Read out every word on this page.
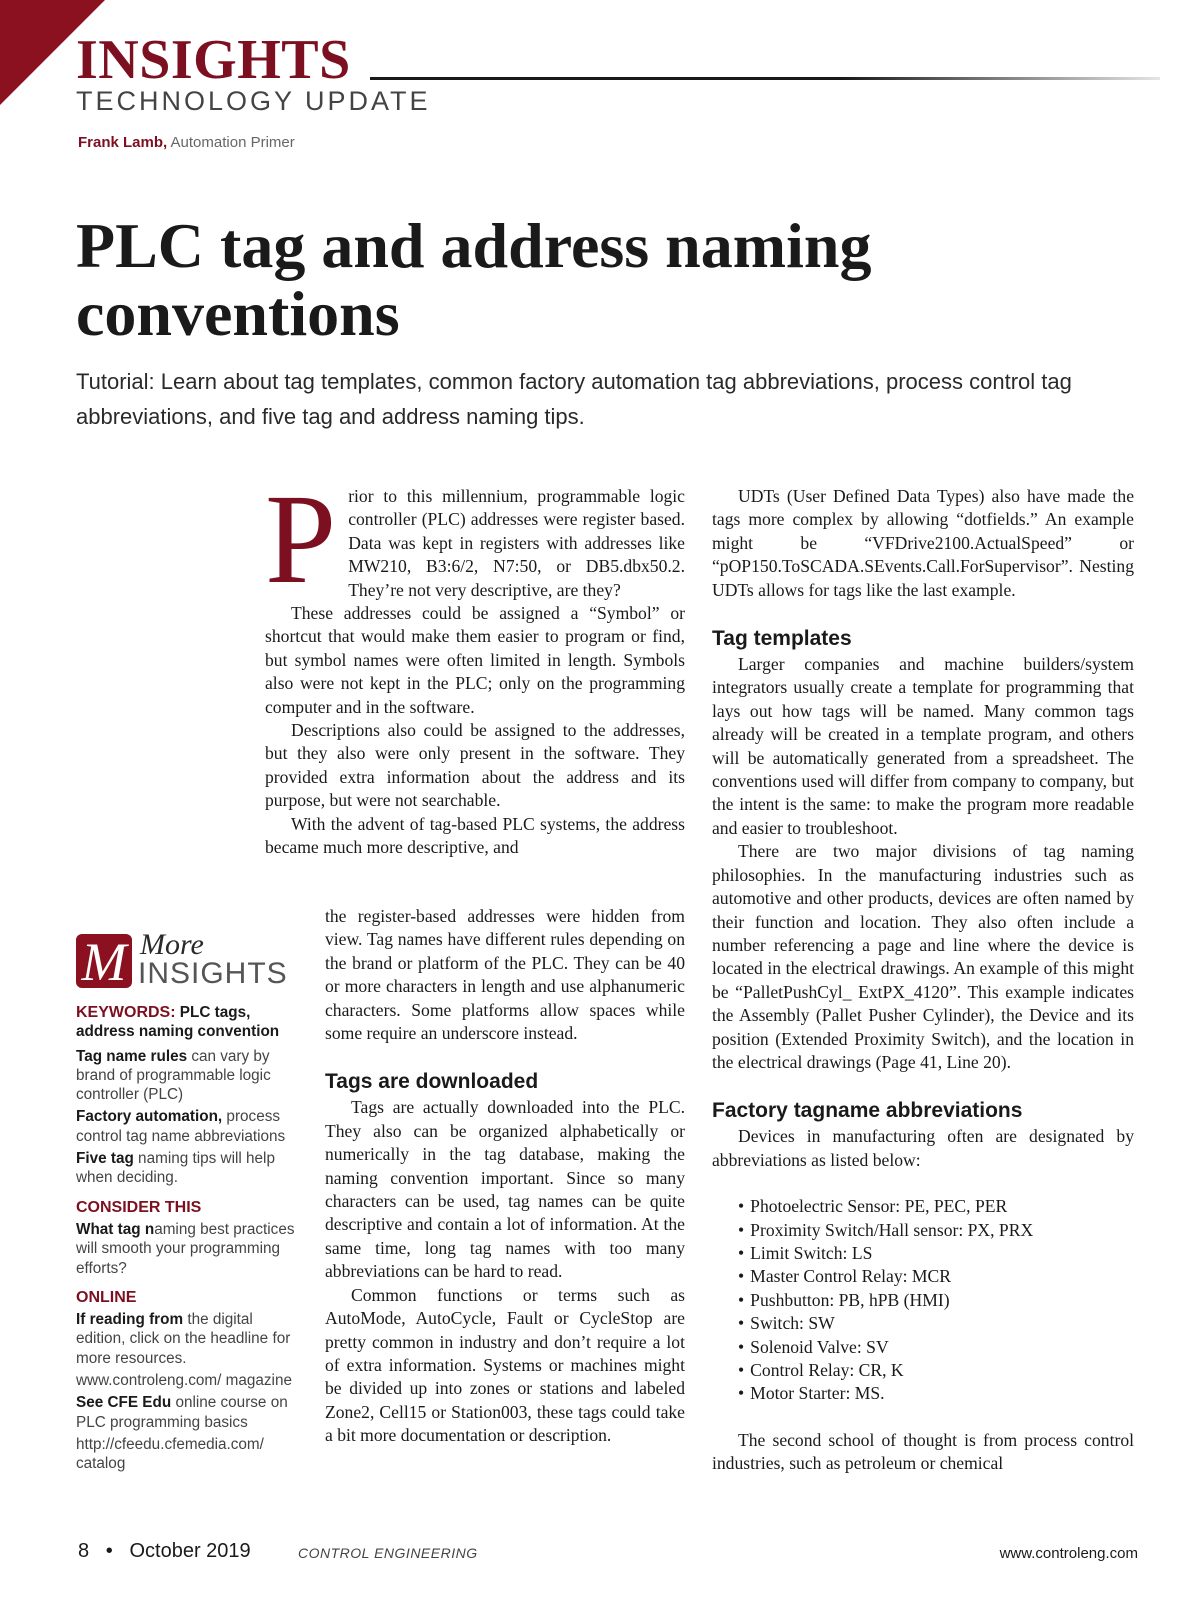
INSIGHTS
TECHNOLOGY UPDATE
Frank Lamb, Automation Primer
PLC tag and address naming conventions

Tutorial: Learn about tag templates, common factory automation tag abbreviations, process control tag abbreviations, and five tag and address naming tips.

Prior to this millennium, programmable logic controller (PLC) addresses were register based. Data was kept in registers with addresses like MW210, B3:6/2, N7:50, or DB5.dbx50.2. They’re not very descriptive, are they?

These addresses could be assigned a “Symbol” or shortcut that would make them easier to program or find, but symbol names were often limited in length. Symbols also were not kept in the PLC; only on the programming computer and in the software.

Descriptions also could be assigned to the addresses, but they also were only present in the software. They provided extra information about the address and its purpose, but were not searchable.

With the advent of tag-based PLC systems, the address became much more descriptive, and

the register-based addresses were hidden from view. Tag names have different rules depending on the brand or platform of the PLC. They can be 40 or more characters in length and use alphanumeric characters. Some platforms allow spaces while some require an underscore instead.

Tags are downloaded

Tags are actually downloaded into the PLC. They also can be organized alphabetically or numerically in the tag database, making the naming convention important. Since so many characters can be used, tag names can be quite descriptive and contain a lot of information. At the same time, long tag names with too many abbreviations can be hard to read.

Common functions or terms such as AutoMode, AutoCycle, Fault or CycleStop are pretty common in industry and don’t require a lot of extra information. Systems or machines might be divided up into zones or stations and labeled Zone2, Cell15 or Station003, these tags could take a bit more documentation or description.

UDTs (User Defined Data Types) also have made the tags more complex by allowing “dotfields.” An example might be “VFDrive2100.ActualSpeed” or “pOP150.ToSCADA.SEvents.Call.ForSupervisor”. Nesting UDTs allows for tags like the last example.

Tag templates

Larger companies and machine builders/system integrators usually create a template for programming that lays out how tags will be named. Many common tags already will be created in a template program, and others will be automatically generated from a spreadsheet. The conventions used will differ from company to company, but the intent is the same: to make the program more readable and easier to troubleshoot.

There are two major divisions of tag naming philosophies. In the manufacturing industries such as automotive and other products, devices are often named by their function and location. They also often include a number referencing a page and line where the device is located in the electrical drawings. An example of this might be “PalletPushCyl_ ExtPX_4120”. This example indicates the Assembly (Pallet Pusher Cylinder), the Device and its position (Extended Proximity Switch), and the location in the electrical drawings (Page 41, Line 20).

Factory tagname abbreviations

Devices in manufacturing often are designated by abbreviations as listed below:

• Photoelectric Sensor: PE, PEC, PER
• Proximity Switch/Hall sensor: PX, PRX
• Limit Switch: LS
• Master Control Relay: MCR
• Pushbutton: PB, hPB (HMI)
• Switch: SW
• Solenoid Valve: SV
• Control Relay: CR, K
• Motor Starter: MS.

The second school of thought is from process control industries, such as petroleum or chemical

M More
INSIGHTS
KEYWORDS: PLC tags, address naming convention
Tag name rules can vary by brand of programmable logic controller (PLC)
Factory automation, process control tag name abbreviations
Five tag naming tips will help when deciding.
CONSIDER THIS
What tag naming best practices will smooth your programming efforts?
ONLINE
If reading from the digital edition, click on the headline for more resources.
www.controleng.com/ magazine
See CFE Edu online course on PLC programming basics
http://cfeedu.cfemedia.com/ catalog
8 • October 2019	CONTROL ENGINEERING	www.controleng.com
